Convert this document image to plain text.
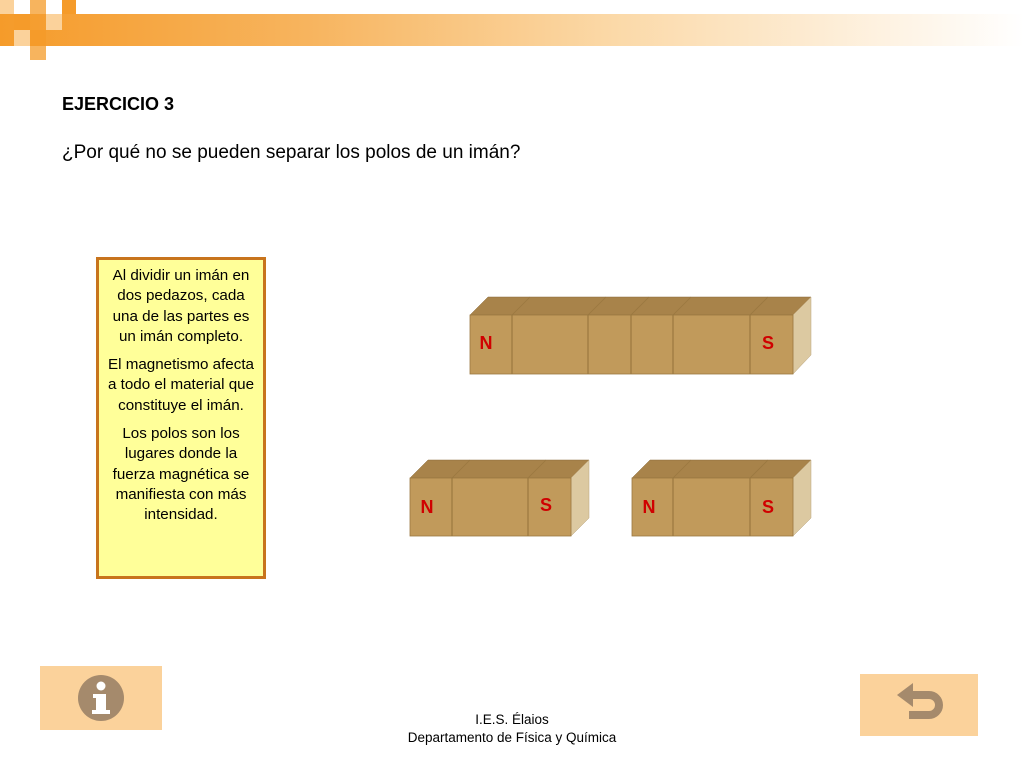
EJERCICIO 3
¿Por qué no se pueden separar los polos de un imán?

Al dividir un imán en dos pedazos, cada una de las partes es un imán completo.

El magnetismo afecta a todo el material que constituye el imán.

Los polos son los lugares donde la fuerza magnética se manifiesta con más intensidad.

N	S
N	S	N	S
I.E.S. Élaios
Departamento de Física y Química
